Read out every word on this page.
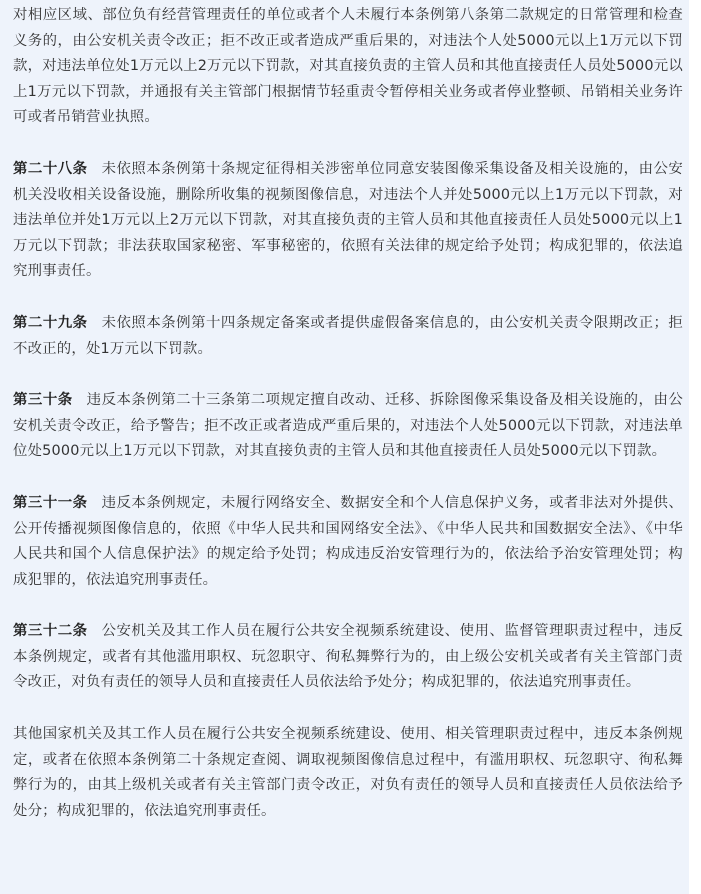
对相应区域、部位负有经营管理责任的单位或者个人未履行本条例第八条第二款规定的日常管理和检查义务的，由公安机关责令改正；拒不改正或者造成严重后果的，对违法个人处5000元以上1万元以下罚款，对违法单位处1万元以上2万元以下罚款，对其直接负责的主管人员和其他直接责任人员处5000元以上1万元以下罚款，并通报有关主管部门根据情节轻重责令暂停相关业务或者停业整顿、吊销相关业务许可或者吊销营业执照。

第二十八条 未依照本条例第十条规定征得相关涉密单位同意安装图像采集设备及相关设施的，由公安机关没收相关设备设施，删除所收集的视频图像信息，对违法个人并处5000元以上1万元以下罚款，对违法单位并处1万元以上2万元以下罚款，对其直接负责的主管人员和其他直接责任人员处5000元以上1万元以下罚款；非法获取国家秘密、军事秘密的，依照有关法律的规定给予处罚；构成犯罪的，依法追究刑事责任。

第二十九条 未依照本条例第十四条规定备案或者提供虚假备案信息的，由公安机关责令限期改正；拒不改正的，处1万元以下罚款。

第三十条 违反本条例第二十三条第二项规定擅自改动、迁移、拆除图像采集设备及相关设施的，由公安机关责令改正，给予警告；拒不改正或者造成严重后果的，对违法个人处5000元以下罚款，对违法单位处5000元以上1万元以下罚款，对其直接负责的主管人员和其他直接责任人员处5000元以下罚款。

第三十一条 违反本条例规定，未履行网络安全、数据安全和个人信息保护义务，或者非法对外提供、公开传播视频图像信息的，依照《中华人民共和国网络安全法》、《中华人民共和国数据安全法》、《中华人民共和国个人信息保护法》的规定给予处罚；构成违反治安管理行为的，依法给予治安管理处罚；构成犯罪的，依法追究刑事责任。

第三十二条 公安机关及其工作人员在履行公共安全视频系统建设、使用、监督管理职责过程中，违反本条例规定，或者有其他滥用职权、玩忽职守、徇私舞弊行为的，由上级公安机关或者有关主管部门责令改正，对负有责任的领导人员和直接责任人员依法给予处分；构成犯罪的，依法追究刑事责任。

其他国家机关及其工作人员在履行公共安全视频系统建设、使用、相关管理职责过程中，违反本条例规定，或者在依照本条例第二十条规定查阅、调取视频图像信息过程中，有滥用职权、玩忽职守、徇私舞弊行为的，由其上级机关或者有关主管部门责令改正，对负有责任的领导人员和直接责任人员依法给予处分；构成犯罪的，依法追究刑事责任。
